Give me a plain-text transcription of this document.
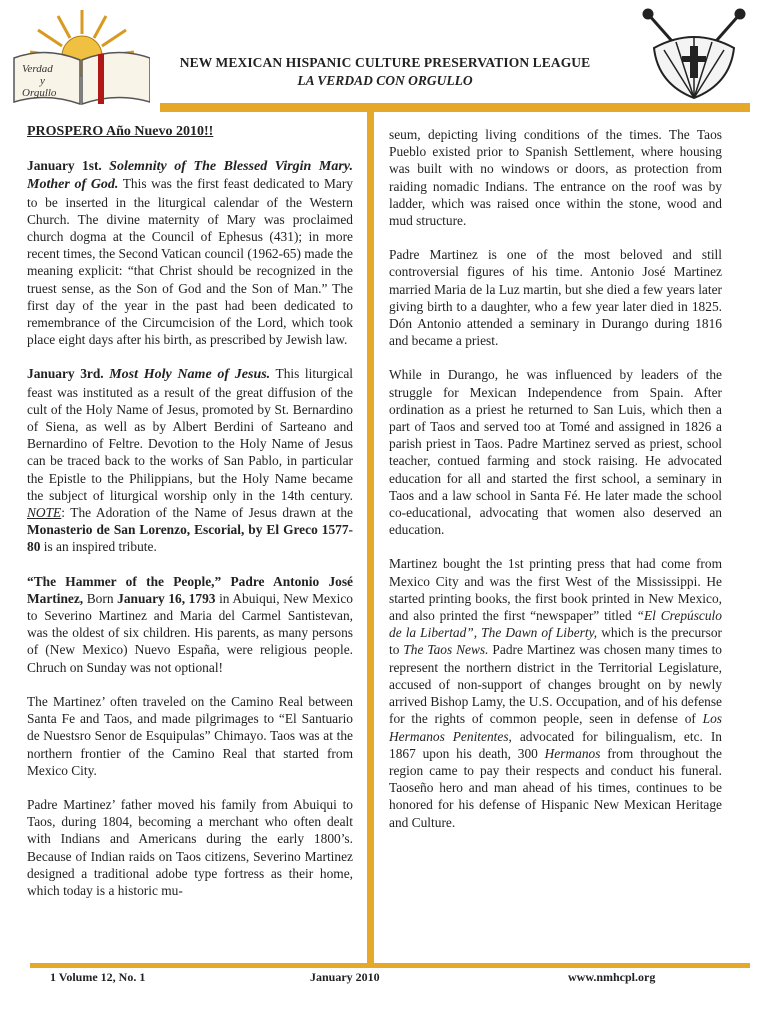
Verdad
y
Orgullo
NEW MEXICAN HISPANIC CULTURE PRESERVATION LEAGUE
LA VERDAD CON ORGULLO

PROSPERO Año Nuevo 2010!!

January 1st. Solemnity of The Blessed Virgin Mary. Mother of God. This was the first feast dedicated to Mary to be inserted in the liturgical calendar of the Western Church. The divine maternity of Mary was proclaimed church dogma at the Council of Ephesus (431); in more recent times, the Second Vatican council (1962-65) made the meaning explicit: “that Christ should be recognized in the truest sense, as the Son of God and the Son of Man.” The first day of the year in the past had been dedicated to remembrance of the Circumcision of the Lord, which took place eight days after his birth, as prescribed by Jewish law.

January 3rd. Most Holy Name of Jesus. This liturgical feast was instituted as a result of the great diffusion of the cult of the Holy Name of Jesus, promoted by St. Bernardino of Siena, as well as by Albert Berdini of Sarteano and Bernardino of Feltre. Devotion to the Holy Name of Jesus can be traced back to the works of San Pablo, in particular the Epistle to the Philippians, but the Holy Name became the subject of liturgical worship only in the 14th century. NOTE: The Adoration of the Name of Jesus drawn at the Monasterio de San Lorenzo, Escorial, by El Greco 1577-80 is an inspired tribute.

“The Hammer of the People,” Padre Antonio José Martinez, Born January 16, 1793 in Abuiqui, New Mexico to Severino Martinez and Maria del Carmel Santistevan, was the oldest of six children. His parents, as many persons of (New Mexico) Nuevo España, were religious people. Chruch on Sunday was not optional!

The Martinez’ often traveled on the Camino Real between Santa Fe and Taos, and made pilgrimages to “El Santuario de Nuestsro Senor de Esquipulas” Chimayo. Taos was at the northern frontier of the Camino Real that started from Mexico City.

Padre Martinez’ father moved his family from Abuiqui to Taos, during 1804, becoming a merchant who often dealt with Indians and Americans during the early 1800’s. Because of Indian raids on Taos citizens, Severino Martinez designed a traditional adobe type fortress as their home, which today is a historic mu-

seum, depicting living conditions of the times. The Taos Pueblo existed prior to Spanish Settlement, where housing was built with no windows or doors, as protection from raiding nomadic Indians. The entrance on the roof was by ladder, which was raised once within the stone, wood and mud structure.

Padre Martinez is one of the most beloved and still controversial figures of his time. Antonio José Martinez married Maria de la Luz martin, but she died a few years later giving birth to a daughter, who a few year later died in 1825. Dón Antonio attended a seminary in Durango during 1816 and became a priest.

While in Durango, he was influenced by leaders of the struggle for Mexican Independence from Spain. After ordination as a priest he returned to San Luis, which then a part of Taos and served too at Tomé and assigned in 1826 a parish priest in Taos. Padre Martinez served as priest, school teacher, contued farming and stock raising. He advocated education for all and started the first school, a seminary in Taos and a law school in Santa Fé. He later made the school co-educational, advocating that women also deserved an education.

Martinez bought the 1st printing press that had come from Mexico City and was the first West of the Mississippi. He started printing books, the first book printed in New Mexico, and also printed the first “newspaper” titled “El Crepúsculo de la Libertad”, The Dawn of Liberty, which is the precursor to The Taos News. Padre Martinez was chosen many times to represent the northern district in the Territorial Legislature, accused of non-support of changes brought on by newly arrived Bishop Lamy, the U.S. Occupation, and of his defense for the rights of common people, seen in defense of Los Hermanos Penitentes, advocated for bilingualism, etc. In 1867 upon his death, 300 Hermanos from throughout the region came to pay their respects and conduct his funeral. Taoseño hero and man ahead of his times, continues to be honored for his defense of Hispanic New Mexican Heritage and Culture.

1 Volume 12, No. 1	January 2010	www.nmhcpl.org
